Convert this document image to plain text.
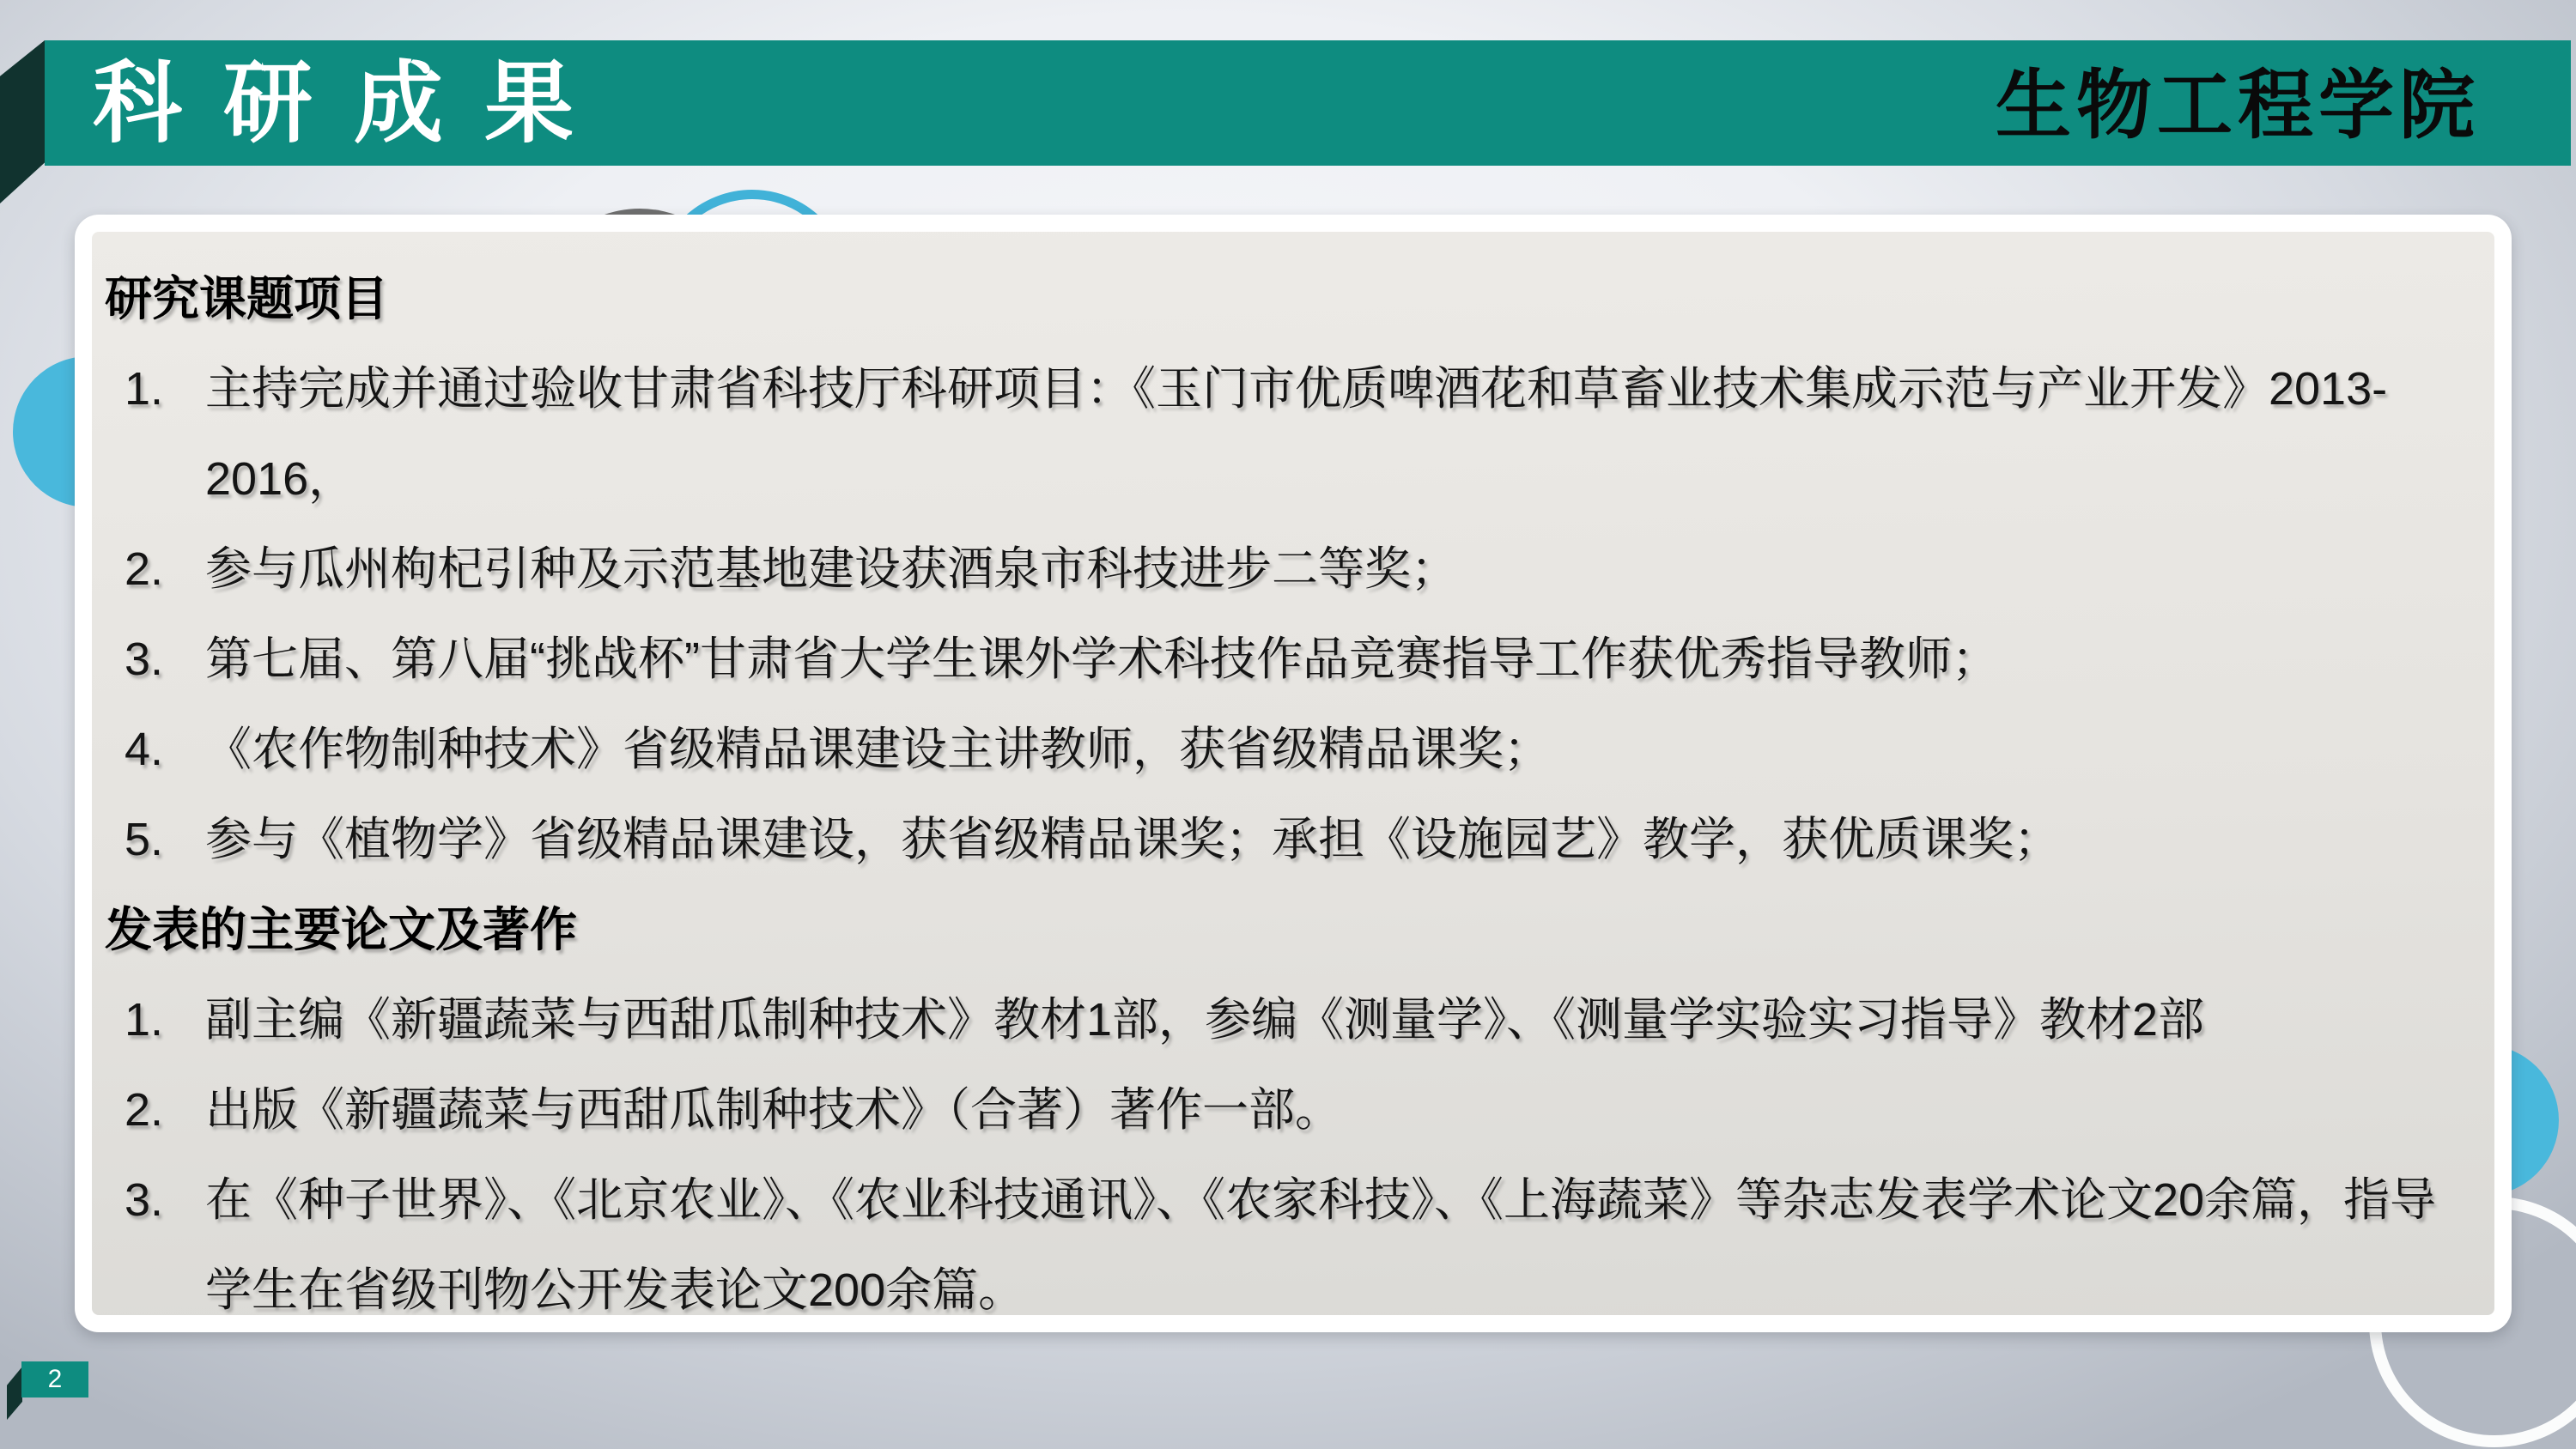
科研成果	生物工程学院
研究课题项目
1. 主持完成并通过验收甘肃省科技厅科研项目：《玉门市优质啤酒花和草畜业技术集成示范与产业开发》2013-2016，
2. 参与瓜州枸杞引种及示范基地建设获酒泉市科技进步二等奖；
3. 第七届、第八届“挑战杯”甘肃省大学生课外学术科技作品竞赛指导工作获优秀指导教师；
4. 《农作物制种技术》省级精品课建设主讲教师，获省级精品课奖；
5. 参与《植物学》省级精品课建设，获省级精品课奖；承担《设施园艺》教学，获优质课奖；
发表的主要论文及著作
1. 副主编《新疆蔬菜与西甜瓜制种技术》教材1部，参编《测量学》、《测量学实验实习指导》教材2部
2. 出版《新疆蔬菜与西甜瓜制种技术》（合著）著作一部。
3. 在《种子世界》、《北京农业》、《农业科技通讯》、《农家科技》、《上海蔬菜》等杂志发表学术论文20余篇，指导学生在省级刊物公开发表论文200余篇。
2
